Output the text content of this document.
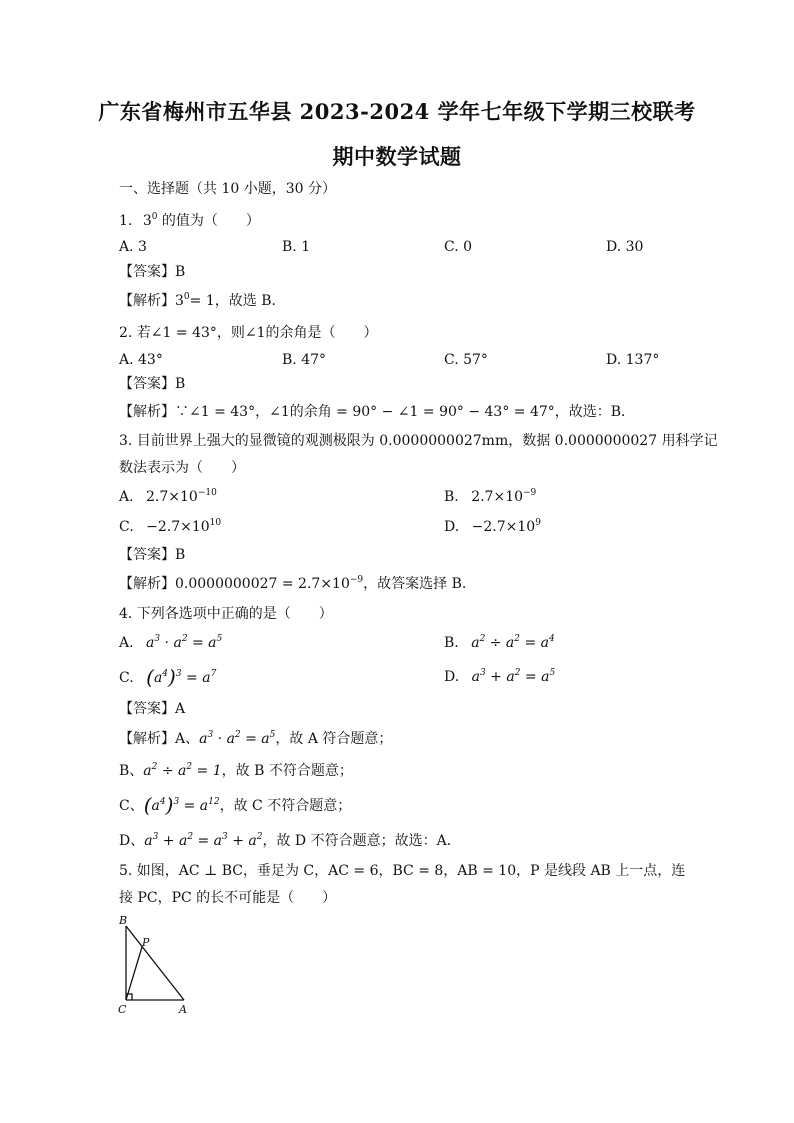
广东省梅州市五华县 2023-2024 学年七年级下学期三校联考
期中数学试题
一、选择题（共 10 小题，30 分）
1. $3^0$ 的值为（　　）
A. 3	B. 1	C. 0	D. 30
【答案】B
【解析】$3^0= 1$，故选 B．
2. 若∠1 = 43°，则∠1的余角是（　　）
A. 43°	B. 47°	C. 57°	D. 137°
【答案】B
【解析】∵∠1 = 43°，∠1的余角 = 90° − ∠1 = 90° − 43° = 47°，故选：B．
3. 目前世界上强大的显微镜的观测极限为 0.0000000027mm，数据 0.0000000027 用科学记
数法表示为（　　）
A. $2.7\times 10^{-10}$	B. $2.7\times 10^{-9}$
C. $-2.7\times 10^{10}$	D. $-2.7\times 10^9$
【答案】B
【解析】$0.0000000027 = 2.7\times 10^{-9}$，故答案选择 B.
4. 下列各选项中正确的是（　　）
A. $a^3 \cdot a^2 = a^5$	B. $a^2 \div a^2 = a^4$
C. $(a^4)^3 = a^7$	D. $a^3 + a^2 = a^5$
【答案】A
【解析】A、$a^3 \cdot a^2 = a^5$，故 A 符合题意；
B、$a^2 \div a^2 = 1$，故 B 不符合题意；
C、$(a^4)^3 = a^{12}$，故 C 不符合题意；
D、$a^3 + a^2 = a^3 + a^2$，故 D 不符合题意；故选：A．
5. 如图，AC ⊥ BC，垂足为 C，AC = 6，BC = 8，AB = 10，P 是线段 AB 上一点，连
接 PC，PC 的长不可能是（　　）
B
P
C	A
